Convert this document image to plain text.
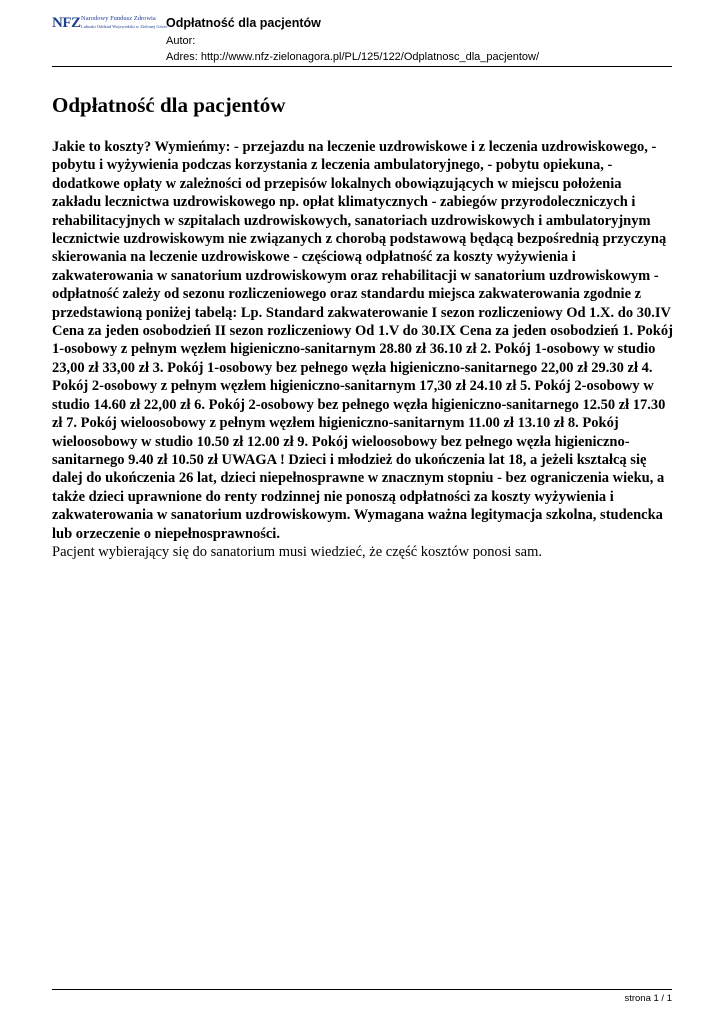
NFZ Narodowy Fundusz Zdrowia
Lubuski Oddział Wojewódzki w Zielonej Górze
Odpłatność dla pacjentów
Autor:
Adres: http://www.nfz-zielonagora.pl/PL/125/122/Odplatnosc_dla_pacjentow/
Odpłatność dla pacjentów

Jakie to koszty? Wymieńmy: - przejazdu na leczenie uzdrowiskowe i z leczenia uzdrowiskowego, - pobytu i wyżywienia podczas korzystania z leczenia ambulatoryjnego, - pobytu opiekuna, - dodatkowe opłaty w zależności od przepisów lokalnych obowiązujących w miejscu położenia zakładu lecznictwa uzdrowiskowego np. opłat klimatycznych - zabiegów przyrodoleczniczych i rehabilitacyjnych w szpitalach uzdrowiskowych, sanatoriach uzdrowiskowych i ambulatoryjnym lecznictwie uzdrowiskowym nie związanych z chorobą podstawową będącą bezpośrednią przyczyną skierowania na leczenie uzdrowiskowe - częściową odpłatność za koszty wyżywienia i zakwaterowania w sanatorium uzdrowiskowym oraz rehabilitacji w sanatorium uzdrowiskowym - odpłatność zależy od sezonu rozliczeniowego oraz standardu miejsca zakwaterowania zgodnie z przedstawioną poniżej tabelą: Lp. Standard zakwaterowanie I sezon rozliczeniowy Od 1.X. do 30.IV Cena za jeden osobodzień II sezon rozliczeniowy Od 1.V do 30.IX Cena za jeden osobodzień 1. Pokój 1-osobowy z pełnym węzłem higieniczno-sanitarnym 28.80 zł 36.10 zł 2. Pokój 1-osobowy w studio 23,00 zł 33,00 zł 3. Pokój 1-osobowy bez pełnego węzła higieniczno-sanitarnego 22,00 zł 29.30 zł 4. Pokój 2-osobowy z pełnym węzłem higieniczno-sanitarnym 17,30 zł 24.10 zł 5. Pokój 2-osobowy w studio 14.60 zł 22,00 zł 6. Pokój 2-osobowy bez pełnego węzła higieniczno-sanitarnego 12.50 zł 17.30 zł 7. Pokój wieloosobowy z pełnym węzłem higieniczno-sanitarnym 11.00 zł 13.10 zł 8. Pokój wieloosobowy w studio 10.50 zł 12.00 zł 9. Pokój wieloosobowy bez pełnego węzła higieniczno-sanitarnego 9.40 zł 10.50 zł UWAGA ! Dzieci i młodzież do ukończenia lat 18, a jeżeli kształcą się dalej do ukończenia 26 lat, dzieci niepełnosprawne w znacznym stopniu - bez ograniczenia wieku, a także dzieci uprawnione do renty rodzinnej nie ponoszą odpłatności za koszty wyżywienia i zakwaterowania w sanatorium uzdrowiskowym. Wymagana ważna legitymacja szkolna, studencka lub orzeczenie o niepełnosprawności.

Pacjent wybierający się do sanatorium musi wiedzieć, że część kosztów ponosi sam.

strona 1 / 1
